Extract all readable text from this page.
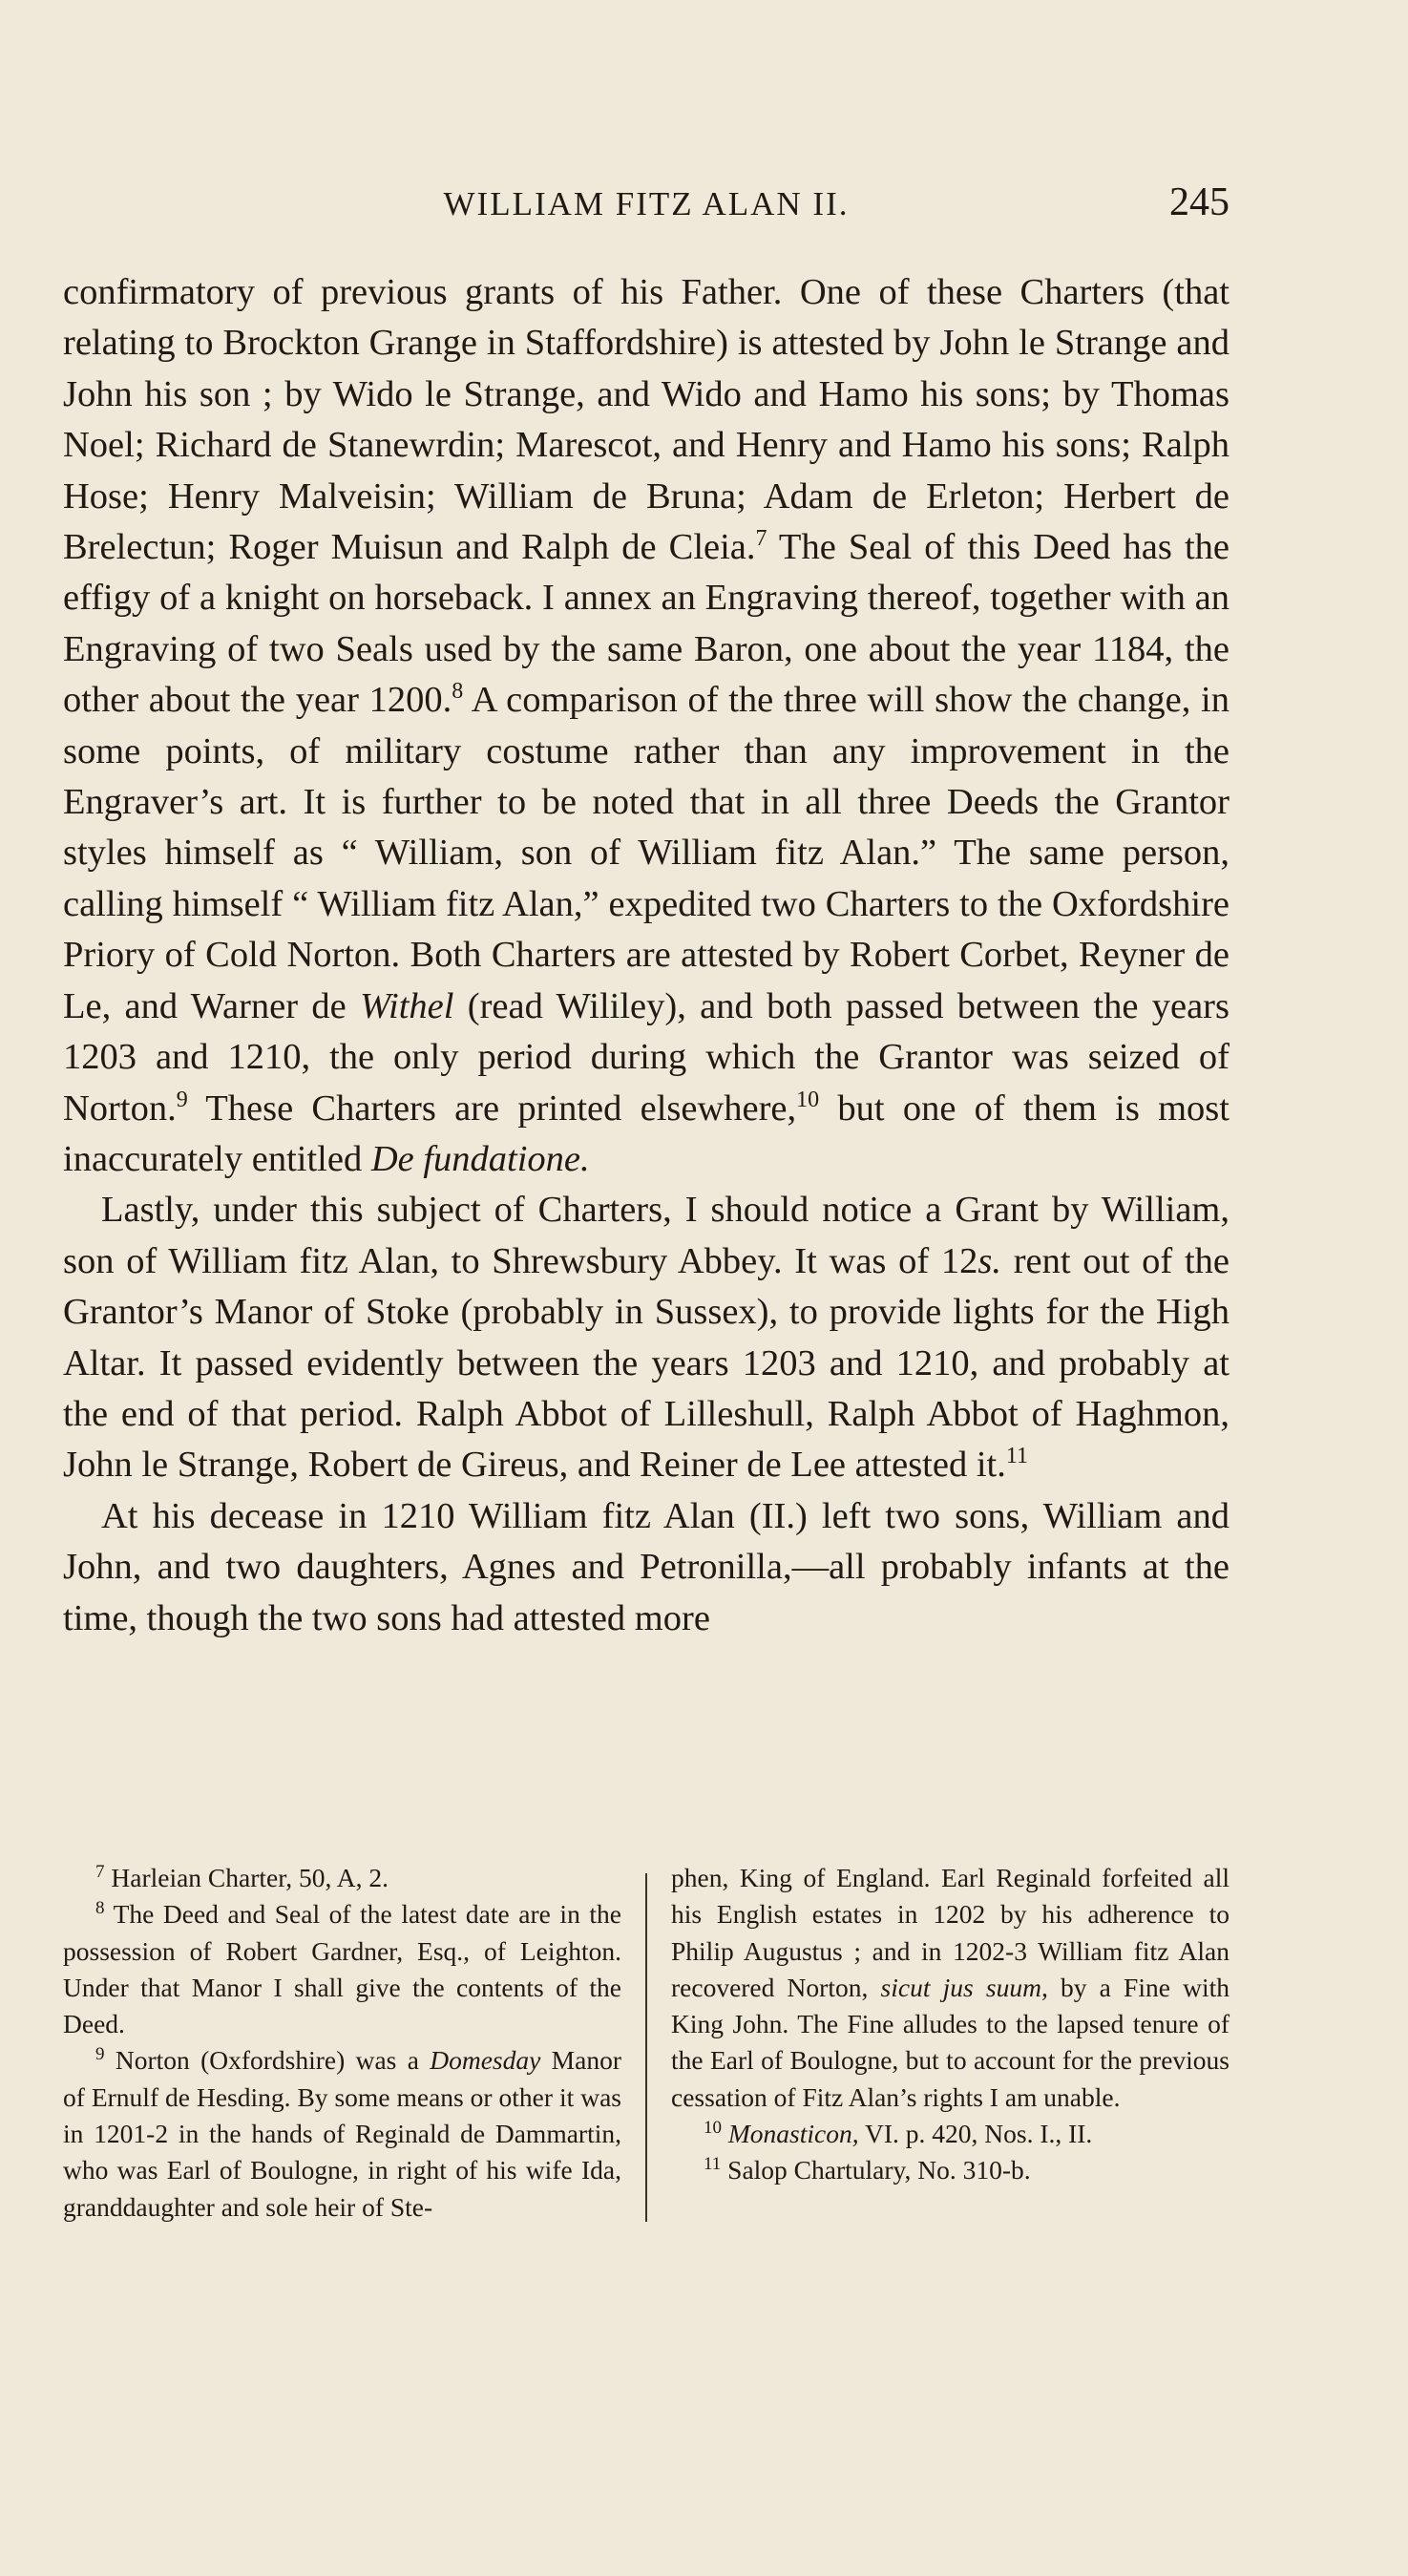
WILLIAM FITZ ALAN II.	245

confirmatory of previous grants of his Father. One of these Charters (that relating to Brockton Grange in Staffordshire) is attested by John le Strange and John his son ; by Wido le Strange, and Wido and Hamo his sons; by Thomas Noel; Richard de Stanewrdin; Marescot, and Henry and Hamo his sons; Ralph Hose; Henry Malveisin; William de Bruna; Adam de Erleton; Herbert de Brelectun; Roger Muisun and Ralph de Cleia.$^7$ The Seal of this Deed has the effigy of a knight on horseback. I annex an Engraving thereof, together with an Engraving of two Seals used by the same Baron, one about the year 1184, the other about the year 1200.$^8$ A comparison of the three will show the change, in some points, of military costume rather than any improvement in the Engraver’s art. It is further to be noted that in all three Deeds the Grantor styles himself as “ William, son of William fitz Alan.” The same person, calling himself “ William fitz Alan,” expedited two Charters to the Oxfordshire Priory of Cold Norton. Both Charters are attested by Robert Corbet, Reyner de Le, and Warner de Withel (read Wililey), and both passed between the years 1203 and 1210, the only period during which the Grantor was seized of Norton.$^9$ These Charters are printed elsewhere,$^{10}$ but one of them is most inaccurately entitled De fundatione.

Lastly, under this subject of Charters, I should notice a Grant by William, son of William fitz Alan, to Shrewsbury Abbey. It was of 12s. rent out of the Grantor’s Manor of Stoke (probably in Sussex), to provide lights for the High Altar. It passed evidently between the years 1203 and 1210, and probably at the end of that period. Ralph Abbot of Lilleshull, Ralph Abbot of Haghmon, John le Strange, Robert de Gireus, and Reiner de Lee attested it.$^{11}$

At his decease in 1210 William fitz Alan (II.) left two sons, William and John, and two daughters, Agnes and Petronilla,—all probably infants at the time, though the two sons had attested more

$^7$ Harleian Charter, 50, A, 2.

$^8$ The Deed and Seal of the latest date are in the possession of Robert Gardner, Esq., of Leighton. Under that Manor I shall give the contents of the Deed.

$^9$ Norton (Oxfordshire) was a Domesday Manor of Ernulf de Hesding. By some means or other it was in 1201-2 in the hands of Reginald de Dammartin, who was Earl of Boulogne, in right of his wife Ida, granddaughter and sole heir of Ste-

phen, King of England. Earl Reginald forfeited all his English estates in 1202 by his adherence to Philip Augustus ; and in 1202-3 William fitz Alan recovered Norton, sicut jus suum, by a Fine with King John. The Fine alludes to the lapsed tenure of the Earl of Boulogne, but to account for the previous cessation of Fitz Alan’s rights I am unable.

$^{10}$ Monasticon, VI. p. 420, Nos. I., II.

$^{11}$ Salop Chartulary, No. 310-b.
